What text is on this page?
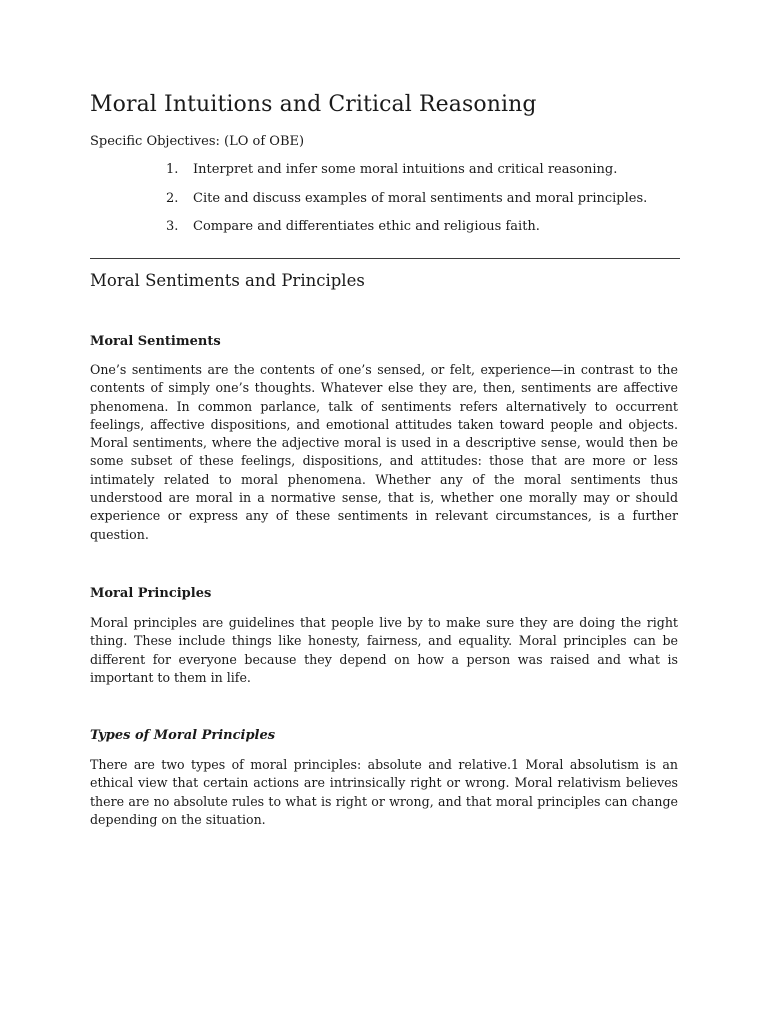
Moral Intuitions and Critical Reasoning
Specific Objectives: (LO of OBE)
1. Interpret and infer some moral intuitions and critical reasoning.
2. Cite and discuss examples of moral sentiments and moral principles.
3. Compare and differentiates ethic and religious faith.
Moral Sentiments and Principles
Moral Sentiments

One’s sentiments are the contents of one’s sensed, or felt, experience—in contrast to the contents of simply one’s thoughts. Whatever else they are, then, sentiments are affective phenomena. In common parlance, talk of sentiments refers alternatively to occurrent feelings, affective dispositions, and emotional attitudes taken toward people and objects. Moral sentiments, where the adjective moral is used in a descriptive sense, would then be some subset of these feelings, dispositions, and attitudes: those that are more or less intimately related to moral phenomena. Whether any of the moral sentiments thus understood are moral in a normative sense, that is, whether one morally may or should experience or express any of these sentiments in relevant circumstances, is a further question.

Moral Principles

Moral principles are guidelines that people live by to make sure they are doing the right thing. These include things like honesty, fairness, and equality. Moral principles can be different for everyone because they depend on how a person was raised and what is important to them in life.

Types of Moral Principles

There are two types of moral principles: absolute and relative.1 Moral absolutism is an ethical view that certain actions are intrinsically right or wrong. Moral relativism believes there are no absolute rules to what is right or wrong, and that moral principles can change depending on the situation.
